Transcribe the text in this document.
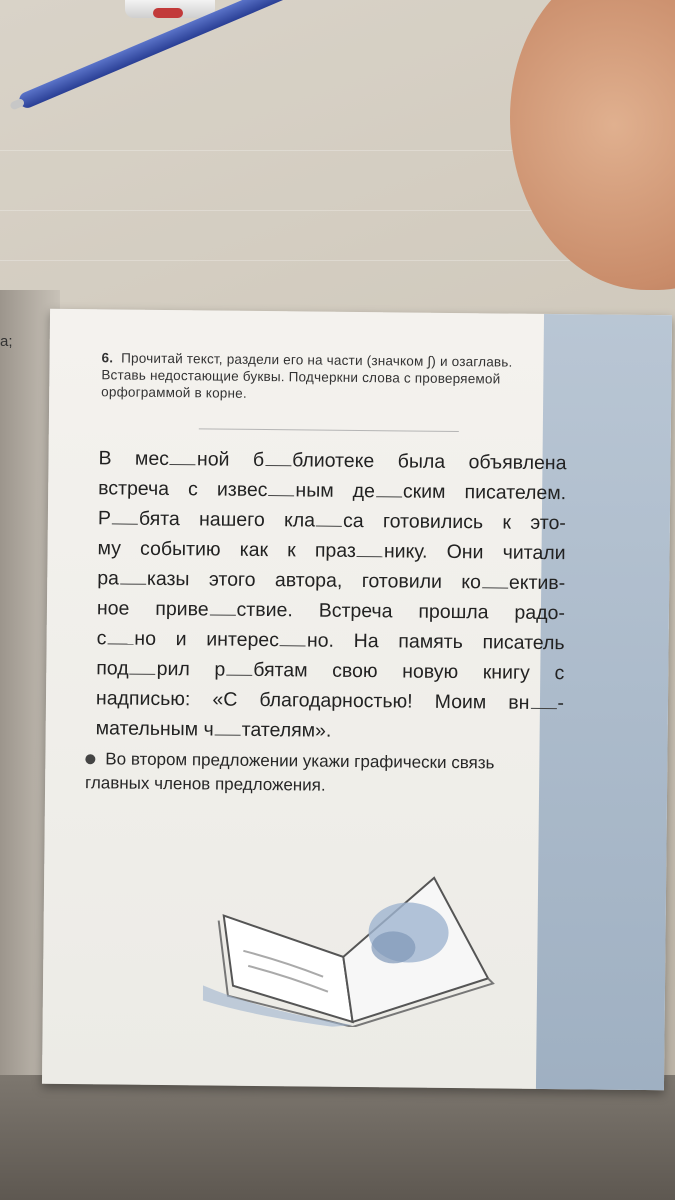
а;
6. Прочитай текст, раздели его на части (значком ∫) и озаглавь. Вставь недостающие буквы. Подчеркни слова с проверяемой орфограммой в корне.
В мес ной б блиотеке была объявлена
встреча с извес ным де ским писателем.
Р бята нашего кла са готовились к это-
му событию как к праз нику. Они читали
ра казы этого автора, готовили ко ектив-
ное приве ствие. Встреча прошла радо-
с но и интерес но. На память писатель
под рил р бятам свою новую книгу с
надписью: «С благодарностью! Моим вн -
мательным ч тателям».
Во втором предложении укажи графически связь главных членов предложения.
